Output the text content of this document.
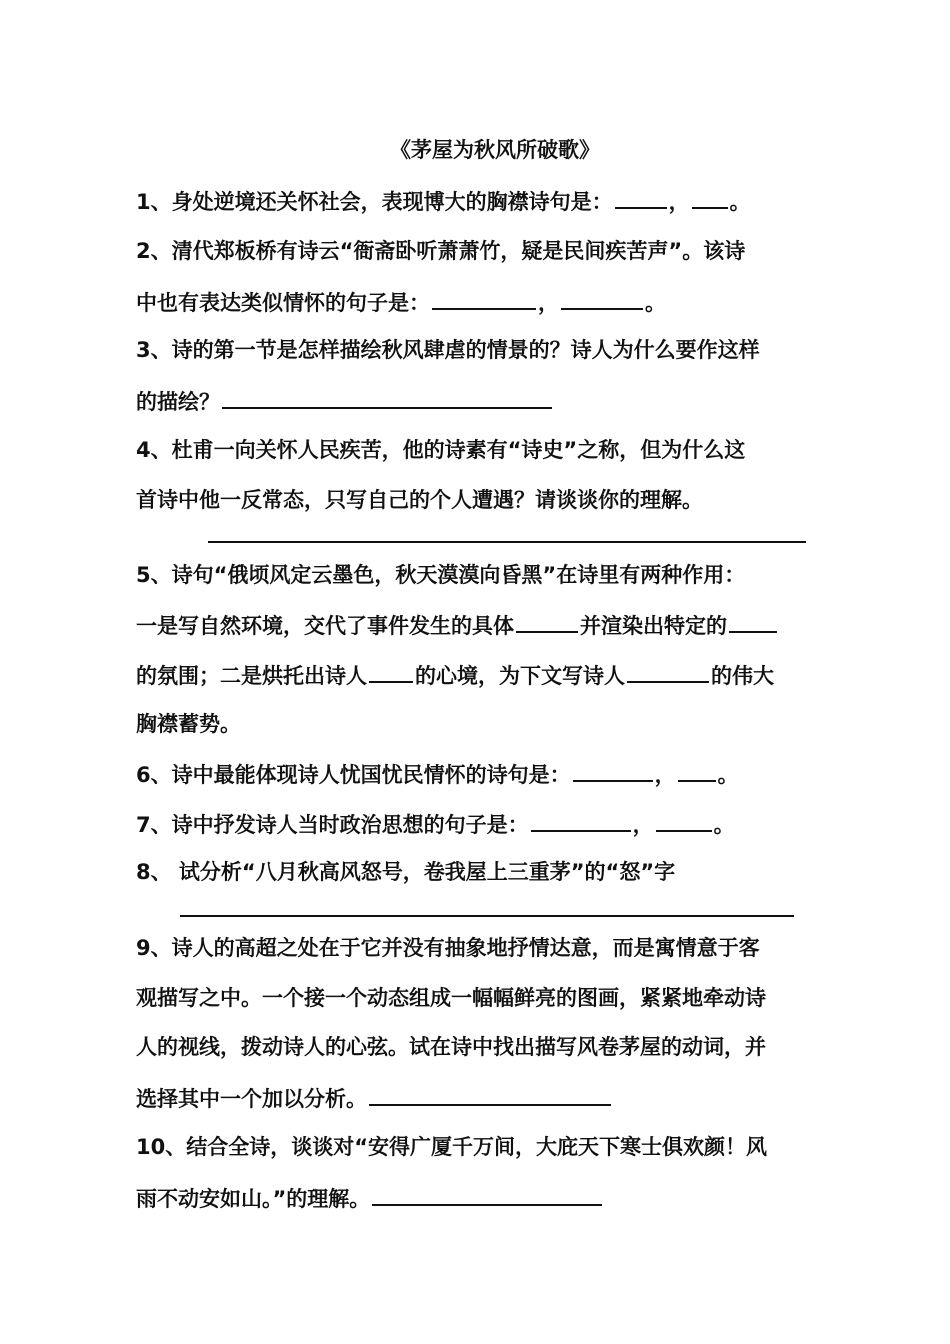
《茅屋为秋风所破歌》
1、身处逆境还关怀社会，表现博大的胸襟诗句是：	， 。
2、清代郑板桥有诗云“衙斋卧听萧萧竹，疑是民间疾苦声”。该诗
中也有表达类似情怀的句子是：	，	。
3、诗的第一节是怎样描绘秋风肆虐的情景的？诗人为什么要作这样
的描绘？
4、杜甫一向关怀人民疾苦，他的诗素有“诗史”之称，但为什么这
首诗中他一反常态，只写自己的个人遭遇？请谈谈你的理解。
5、诗句“俄顷风定云墨色，秋天漠漠向昏黑”在诗里有两种作用：
一是写自然环境，交代了事件发生的具体	并渲染出特定的
的氛围；二是烘托出诗人 的心境，为下文写诗人	的伟大
胸襟蓄势。
6、诗中最能体现诗人忧国忧民情怀的诗句是：	， 。
7、诗中抒发诗人当时政治思想的句子是：	，	。
8、 试分析“八月秋高风怒号，卷我屋上三重茅”的“怒”字
9、诗人的高超之处在于它并没有抽象地抒情达意，而是寓情意于客
观描写之中。一个接一个动态组成一幅幅鲜亮的图画，紧紧地牵动诗
人的视线，拨动诗人的心弦。试在诗中找出描写风卷茅屋的动词，并
选择其中一个加以分析。
10、结合全诗，谈谈对“安得广厦千万间，大庇天下寒士俱欢颜！风
雨不动安如山。”的理解。
